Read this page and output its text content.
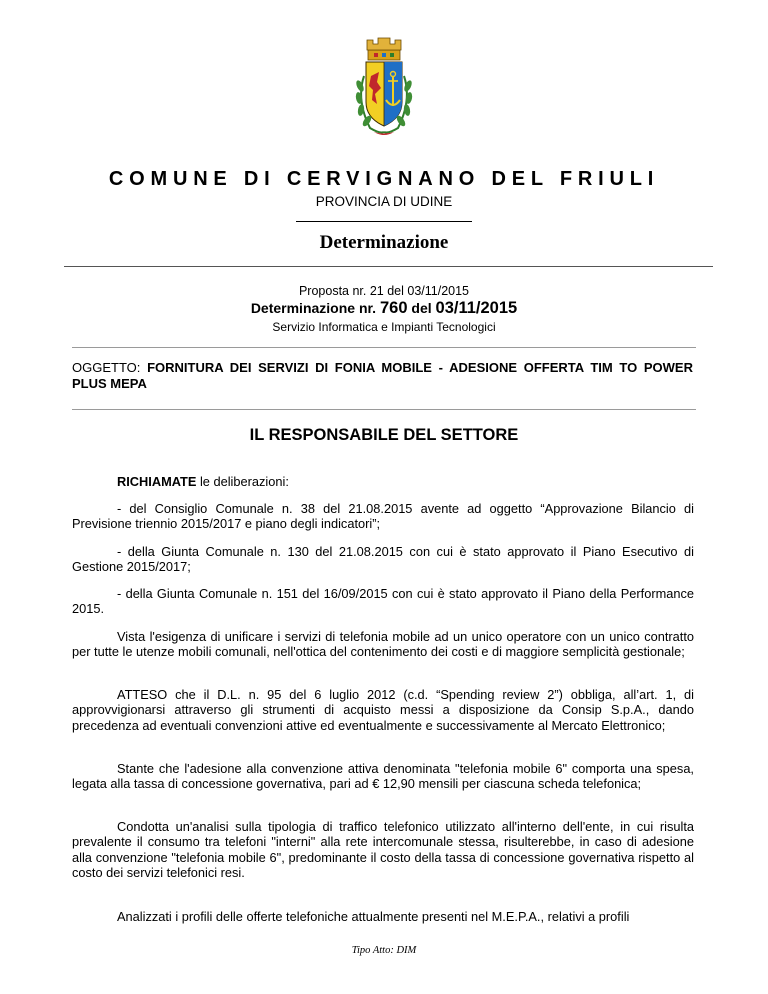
COMUNE DI CERVIGNANO DEL FRIULI
PROVINCIA DI UDINE
Determinazione
Proposta nr. 21 del 03/11/2015
Determinazione nr. 760 del 03/11/2015
Servizio Informatica e Impianti Tecnologici
OGGETTO: FORNITURA DEI SERVIZI DI FONIA MOBILE - ADESIONE OFFERTA TIM TO POWER PLUS MEPA
IL RESPONSABILE DEL SETTORE
RICHIAMATE le deliberazioni:
- del Consiglio Comunale n. 38 del 21.08.2015 avente ad oggetto “Approvazione Bilancio di Previsione triennio 2015/2017 e piano degli indicatori”;
- della Giunta Comunale n. 130 del 21.08.2015 con cui è stato approvato il Piano Esecutivo di Gestione 2015/2017;
- della Giunta Comunale n. 151 del 16/09/2015 con cui è stato approvato il Piano della Performance 2015.
Vista l'esigenza di unificare i servizi di telefonia mobile ad un unico operatore con un unico contratto per tutte le utenze mobili comunali, nell'ottica del contenimento dei costi e di maggiore semplicità gestionale;
ATTESO che il D.L. n. 95 del 6 luglio 2012 (c.d. “Spending review 2”) obbliga, all’art. 1, di approvvigionarsi attraverso gli strumenti di acquisto messi a disposizione da Consip S.p.A., dando precedenza ad eventuali convenzioni attive ed eventualmente e successivamente al Mercato Elettronico;
Stante che l'adesione alla convenzione attiva denominata "telefonia mobile 6" comporta una spesa, legata alla tassa di concessione governativa, pari ad € 12,90 mensili per ciascuna scheda telefonica;
Condotta un'analisi sulla tipologia di traffico telefonico utilizzato all'interno dell'ente, in cui risulta prevalente il consumo tra telefoni "interni" alla rete intercomunale stessa, risulterebbe, in caso di adesione alla convenzione "telefonia mobile 6", predominante il costo della tassa di concessione governativa rispetto al costo dei servizi telefonici resi.
Analizzati i profili delle offerte telefoniche attualmente presenti nel M.E.P.A., relativi a profili
Tipo Atto: DIM
